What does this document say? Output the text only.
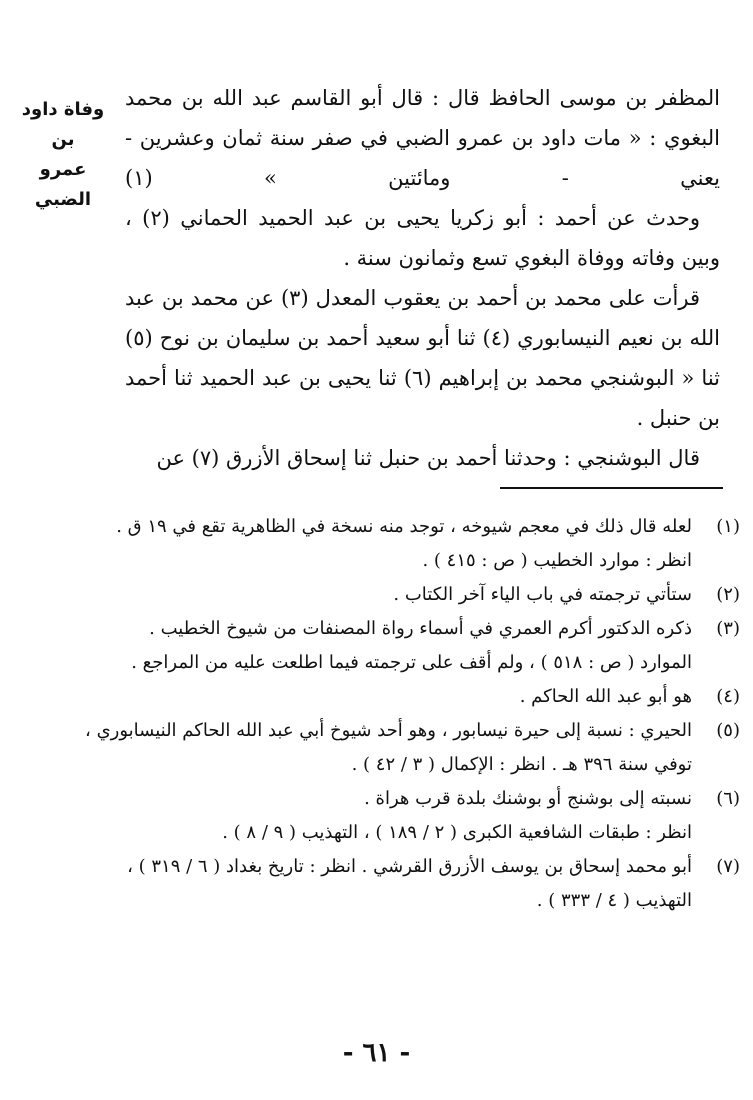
وفاة داود بن
عمرو الضبي

المظفر بن موسى الحافظ قال : قال أبو القاسم عبد الله بن محمد البغوي : « مات داود بن عمرو الضبي في صفر سنة ثمان وعشرين - يعني - ومائتين » (١)

وحدث عن أحمد : أبو زكريا يحيى بن عبد الحميد الحماني (٢) ، وبين وفاته ووفاة البغوي تسع وثمانون سنة .

قرأت على محمد بن أحمد بن يعقوب المعدل (٣) عن محمد بن عبد الله بن نعيم النيسابوري (٤) ثنا أبو سعيد أحمد بن سليمان بن نوح (٥) ثنا « البوشنجي محمد بن إبراهيم (٦) ثنا يحيى بن عبد الحميد ثنا أحمد بن حنبل .

قال البوشنجي : وحدثنا أحمد بن حنبل ثنا إسحاق الأزرق (٧) عن

(١)
لعله قال ذلك في معجم شيوخه ، توجد منه نسخة في الظاهرية تقع في ١٩ ق .
انظر : موارد الخطيب ( ص : ٤١٥ ) .
(٢)
ستأتي ترجمته في باب الياء آخر الكتاب .
(٣)
ذكره الدكتور أكرم العمري في أسماء رواة المصنفات من شيوخ الخطيب .
الموارد ( ص : ٥١٨ ) ، ولم أقف على ترجمته فيما اطلعت عليه من المراجع .
(٤)
هو أبو عبد الله الحاكم .
(٥)
الحيري : نسبة إلى حيرة نيسابور ، وهو أحد شيوخ أبي عبد الله الحاكم النيسابوري ،
توفي سنة ٣٩٦ هـ . انظر : الإكمال ( ٣ / ٤٢ ) .
(٦)
نسبته إلى بوشنج أو بوشنك بلدة قرب هراة .
انظر : طبقات الشافعية الكبرى ( ٢ / ١٨٩ ) ، التهذيب ( ٩ / ٨ ) .
(٧)
أبو محمد إسحاق بن يوسف الأزرق القرشي . انظر : تاريخ بغداد ( ٦ / ٣١٩ ) ،
التهذيب ( ٤ / ٣٣٣ ) .
- ٦١ -
